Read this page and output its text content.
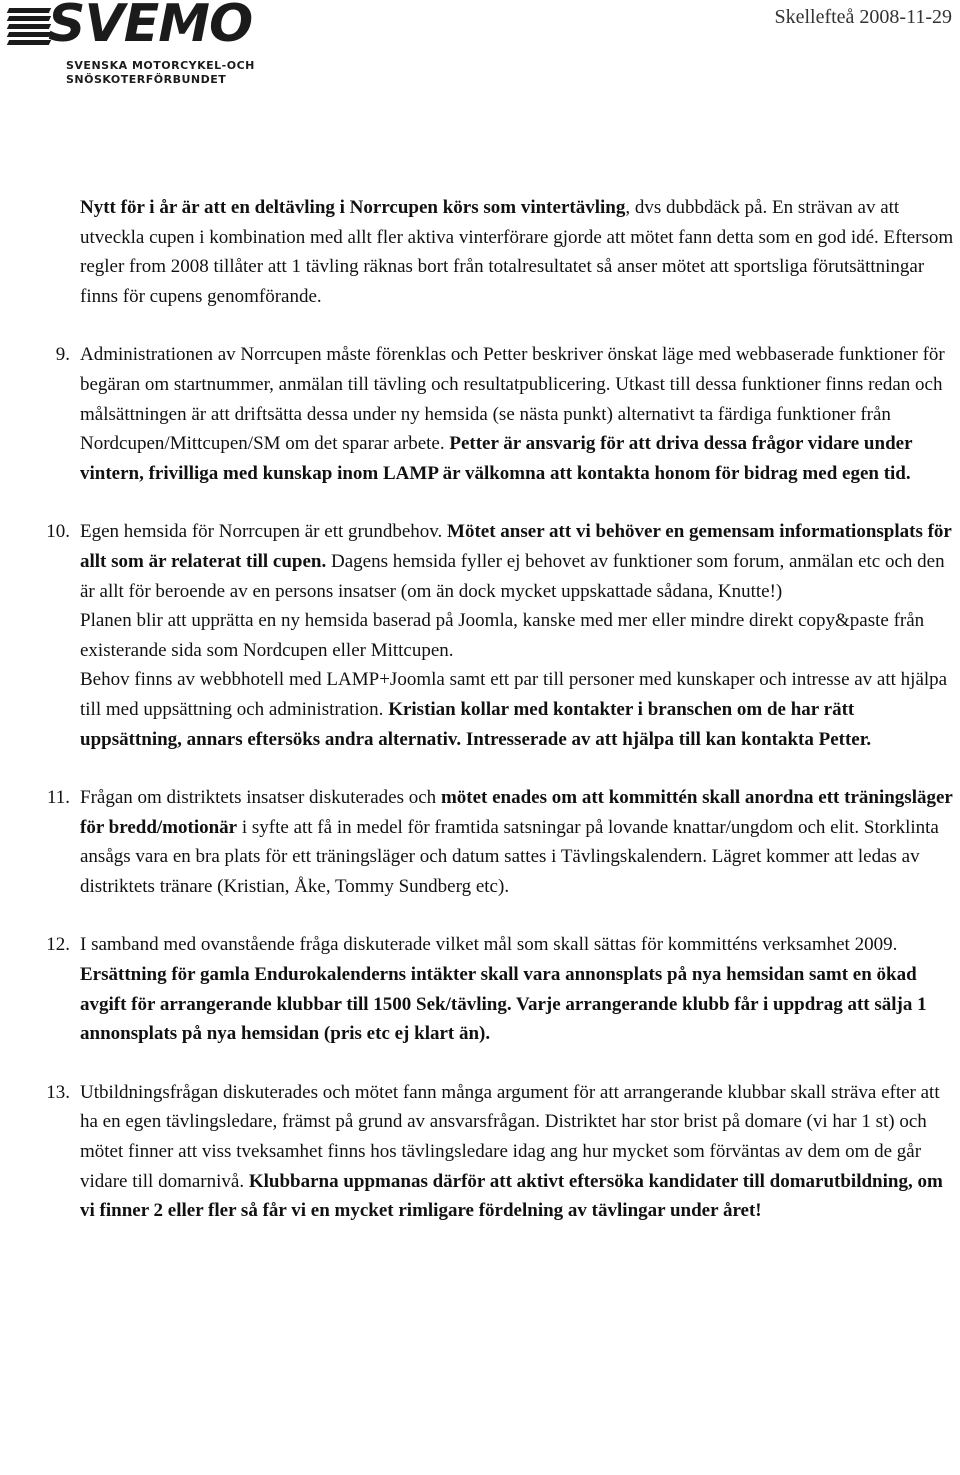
SVEMO
SVENSKA MOTORCYKEL-OCH
SNÖSKOTERFÖRBUNDET
Skellefteå 2008-11-29

Nytt för i år är att en deltävling i Norrcupen körs som vintertävling, dvs dubbdäck på. En strävan av att utveckla cupen i kombination med allt fler aktiva vinterförare gjorde att mötet fann detta som en god idé. Eftersom regler from 2008 tillåter att 1 tävling räknas bort från totalresultatet så anser mötet att sportsliga förutsättningar finns för cupens genomförande.

9. Administrationen av Norrcupen måste förenklas och Petter beskriver önskat läge med webbaserade funktioner för begäran om startnummer, anmälan till tävling och resultatpublicering. Utkast till dessa funktioner finns redan och målsättningen är att driftsätta dessa under ny hemsida (se nästa punkt) alternativt ta färdiga funktioner från Nordcupen/Mittcupen/SM om det sparar arbete. Petter är ansvarig för att driva dessa frågor vidare under vintern, frivilliga med kunskap inom LAMP är välkomna att kontakta honom för bidrag med egen tid.

10. Egen hemsida för Norrcupen är ett grundbehov. Mötet anser att vi behöver en gemensam informationsplats för allt som är relaterat till cupen. Dagens hemsida fyller ej behovet av funktioner som forum, anmälan etc och den är allt för beroende av en persons insatser (om än dock mycket uppskattade sådana, Knutte!)
Planen blir att upprätta en ny hemsida baserad på Joomla, kanske med mer eller mindre direkt copy&paste från existerande sida som Nordcupen eller Mittcupen.
Behov finns av webbhotell med LAMP+Joomla samt ett par till personer med kunskaper och intresse av att hjälpa till med uppsättning och administration. Kristian kollar med kontakter i branschen om de har rätt uppsättning, annars eftersöks andra alternativ. Intresserade av att hjälpa till kan kontakta Petter.

11. Frågan om distriktets insatser diskuterades och mötet enades om att kommittén skall anordna ett träningsläger för bredd/motionär i syfte att få in medel för framtida satsningar på lovande knattar/ungdom och elit. Storklinta ansågs vara en bra plats för ett träningsläger och datum sattes i Tävlingskalendern. Lägret kommer att ledas av distriktets tränare (Kristian, Åke, Tommy Sundberg etc).

12. I samband med ovanstående fråga diskuterade vilket mål som skall sättas för kommitténs verksamhet 2009. Ersättning för gamla Endurokalenderns intäkter skall vara annonsplats på nya hemsidan samt en ökad avgift för arrangerande klubbar till 1500 Sek/tävling. Varje arrangerande klubb får i uppdrag att sälja 1 annonsplats på nya hemsidan (pris etc ej klart än).

13. Utbildningsfrågan diskuterades och mötet fann många argument för att arrangerande klubbar skall sträva efter att ha en egen tävlingsledare, främst på grund av ansvarsfrågan. Distriktet har stor brist på domare (vi har 1 st) och mötet finner att viss tveksamhet finns hos tävlingsledare idag ang hur mycket som förväntas av dem om de går vidare till domarnivå. Klubbarna uppmanas därför att aktivt eftersöka kandidater till domarutbildning, om vi finner 2 eller fler så får vi en mycket rimligare fördelning av tävlingar under året!
